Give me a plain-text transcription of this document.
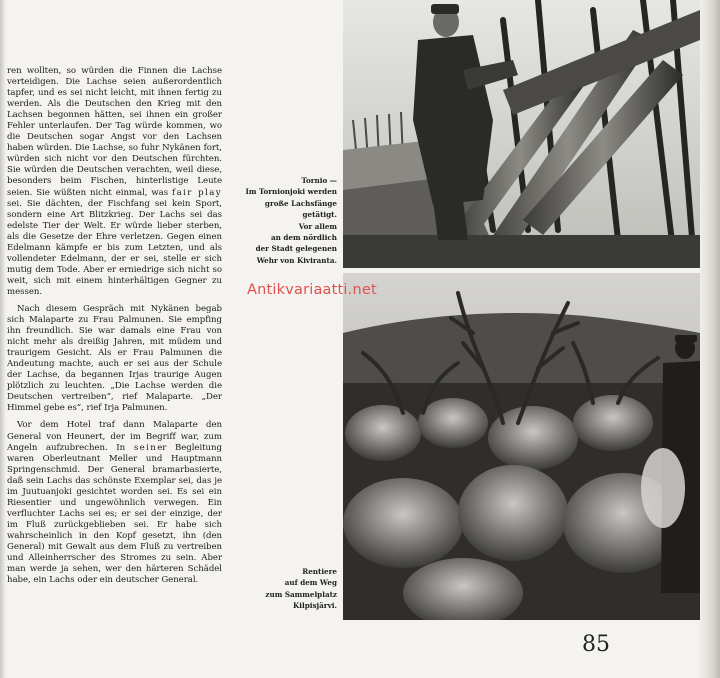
ren wollten, so würden die Finnen die Lachse verteidigen. Die Lachse seien außerordentlich tapfer, und es sei nicht leicht, mit ihnen fertig zu werden. Als die Deutschen den Krieg mit den Lachsen begonnen hätten, sei ihnen ein großer Fehler unterlaufen. Der Tag würde kommen, wo die Deutschen sogar Angst vor den Lachsen haben würden. Die Lachse, so fuhr Nykänen fort, würden sich nicht vor den Deutschen fürchten. Sie würden die Deutschen verachten, weil diese, besonders beim Fischen, hinterlistige Leute seien. Sie wüßten nicht einmal, was fair play sei. Sie dächten, der Fischfang sei kein Sport, sondern eine Art Blitzkrieg. Der Lachs sei das edelste Tier der Welt. Er würde lieber sterben, als die Gesetze der Ehre verletzen. Gegen einen Edelmann kämpfe er bis zum Letzten, und als vollendeter Edelmann, der er sei, stelle er sich mutig dem Tode. Aber er erniedrige sich nicht so weit, sich mit einem hinterhältigen Gegner zu messen.

Nach diesem Gespräch mit Nykänen begab sich Malaparte zu Frau Palmunen. Sie empfing ihn freundlich. Sie war damals eine Frau von nicht mehr als dreißig Jahren, mit müdem und traurigem Gesicht. Als er Frau Palmunen die Andeutung machte, auch er sei aus der Schule der Lachse, da begannen Irjas traurige Augen plötzlich zu leuchten. „Die Lachse werden die Deutschen vertreiben“, rief Malaparte. „Der Himmel gebe es“, rief Irja Palmunen.

Vor dem Hotel traf dann Malaparte den General von Heunert, der im Begriff war, zum Angeln aufzubrechen. In seiner Begleitung waren Oberleutnant Meller und Hauptmann Springenschmid. Der General bramarbasierte, daß sein Lachs das schönste Exemplar sei, das je im Juutuanjoki gesichtet worden sei. Es sei ein Riesentier und ungewöhnlich verwegen. Ein verfluchter Lachs sei es; er sei der einzige, der im Fluß zurückgeblieben sei. Er habe sich wahrscheinlich in den Kopf gesetzt, ihn (den General) mit Gewalt aus dem Fluß zu vertreiben und Alleinherrscher des Stromes zu sein. Aber man werde ja sehen, wer den härteren Schädel habe, ein Lachs oder ein deutscher General.

Tornio —
Im Tornionjoki werden
große Lachsfänge
getätigt.
Vor allem
an dem nördlich
der Stadt gelegenen
Wehr von Kiviranta.
Rentiere
auf dem Weg
zum Sammelplatz
Kilpisjärvi.
Antikvariaatti.net
85
